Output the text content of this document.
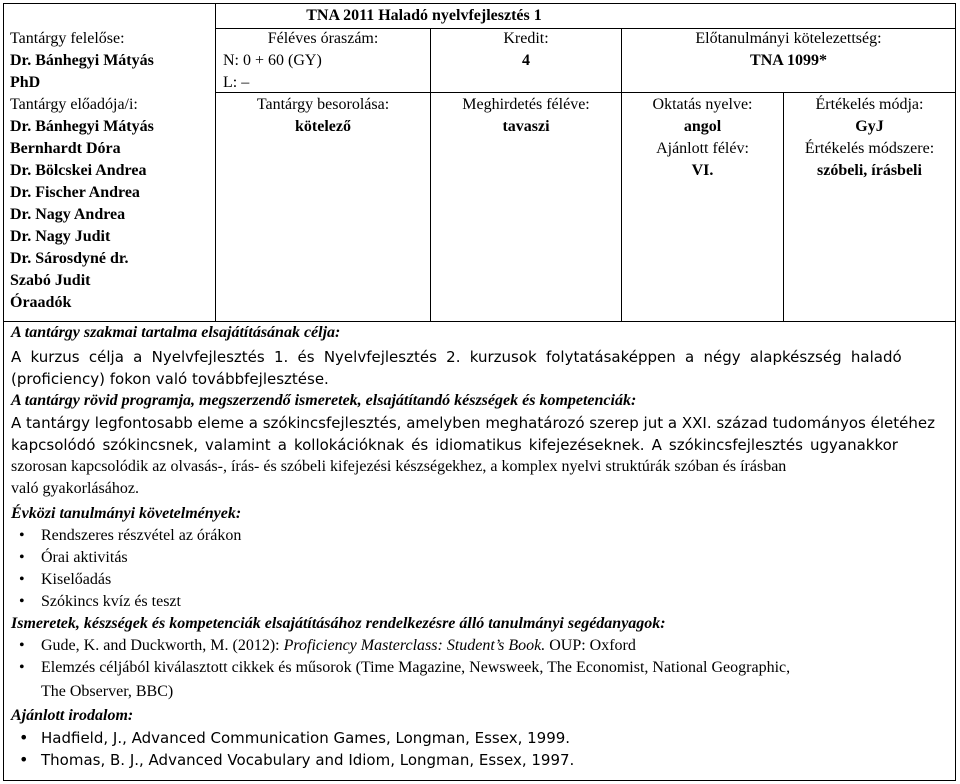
TNA 2011 Haladó nyelvfejlesztés 1
Tantárgy felelőse:
Dr. Bánhegyi Mátyás
PhD
Tantárgy előadója/i:
Dr. Bánhegyi Mátyás
Bernhardt Dóra
Dr. Bölcskei Andrea
Dr. Fischer Andrea
Dr. Nagy Andrea
Dr. Nagy Judit
Dr. Sárosdyné dr.
Szabó Judit
Óraadók
Féléves óraszám:
N: 0 + 60 (GY)
L: –
Kredit:
4
Előtanulmányi kötelezettség:
TNA 1099*
Tantárgy besorolása:
kötelező
Meghirdetés féléve:
tavaszi
Oktatás nyelve:
angol
Ajánlott félév:
VI.
Értékelés módja:
GyJ
Értékelés módszere:
szóbeli, írásbeli
A tantárgy szakmai tartalma elsajátításának célja:
A kurzus célja a Nyelvfejlesztés 1. és Nyelvfejlesztés 2. kurzusok folytatásaképpen a négy alapkészség haladó
(proficiency) fokon való továbbfejlesztése.
A tantárgy rövid programja, megszerzendő ismeretek, elsajátítandó készségek és kompetenciák:
A tantárgy legfontosabb eleme a szókincsfejlesztés, amelyben meghatározó szerep jut a XXI. század tudományos életéhez
kapcsolódó szókincsnek, valamint a kollokációknak és idiomatikus kifejezéseknek. A szókincsfejlesztés ugyanakkor
szorosan kapcsolódik az olvasás-, írás- és szóbeli kifejezési készségekhez, a komplex nyelvi struktúrák szóban és írásban
való gyakorlásához.
Évközi tanulmányi követelmények:
• Rendszeres részvétel az órákon
• Órai aktivitás
• Kiselőadás
• Szókincs kvíz és teszt
Ismeretek, készségek és kompetenciák elsajátításához rendelkezésre álló tanulmányi segédanyagok:
• Gude, K. and Duckworth, M. (2012): Proficiency Masterclass: Student’s Book. OUP: Oxford
• Elemzés céljából kiválasztott cikkek és műsorok (Time Magazine, Newsweek, The Economist, National Geographic,
The Observer, BBC)
Ajánlott irodalom:
• Hadfield, J., Advanced Communication Games, Longman, Essex, 1999.
• Thomas, B. J., Advanced Vocabulary and Idiom, Longman, Essex, 1997.
